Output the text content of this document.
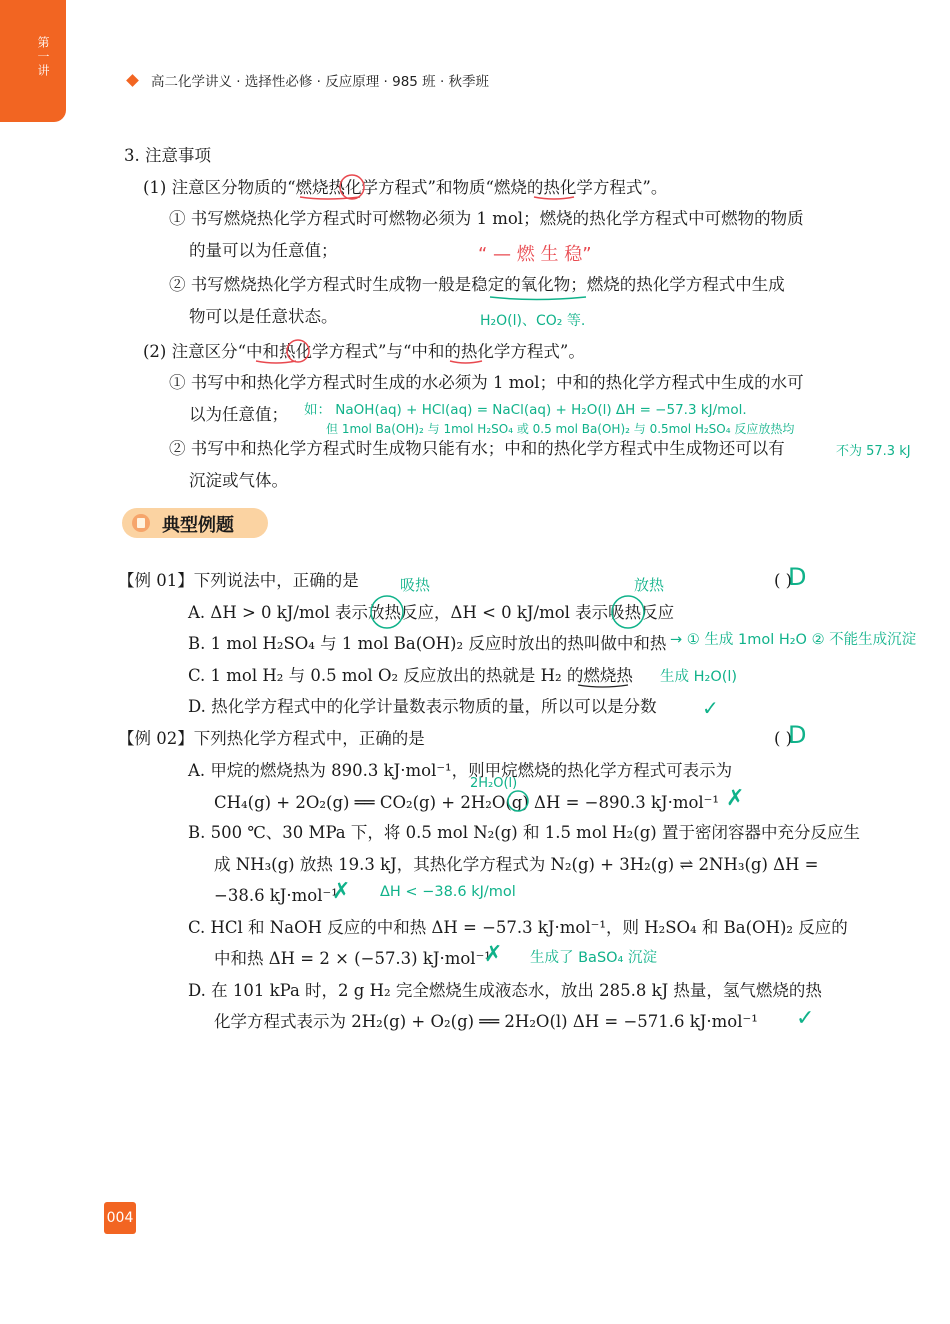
第一讲
高二化学讲义 · 选择性必修 · 反应原理 · 985 班 · 秋季班
3. 注意事项
(1) 注意区分物质的“燃烧热化学方程式”和物质“燃烧的热化学方程式”。
① 书写燃烧热化学方程式时可燃物必须为 1 mol；燃烧的热化学方程式中可燃物的物质
的量可以为任意值；
② 书写燃烧热化学方程式时生成物一般是稳定的氧化物；燃烧的热化学方程式中生成
物可以是任意状态。
(2) 注意区分“中和热化学方程式”与“中和的热化学方程式”。
① 书写中和热化学方程式时生成的水必须为 1 mol；中和的热化学方程式中生成的水可
以为任意值；
② 书写中和热化学方程式时生成物只能有水；中和的热化学方程式中生成物还可以有
沉淀或气体。
“ — 燃 生 稳”
H₂O(l)、CO₂ 等.
如： NaOH(aq) + HCl(aq) = NaCl(aq) + H₂O(l) ΔH = −57.3 kJ/mol.
但 1mol Ba(OH)₂ 与 1mol H₂SO₄ 或 0.5 mol Ba(OH)₂ 与 0.5mol H₂SO₄ 反应放热均
不为 57.3 kJ
典型例题
【例 01】下列说法中，正确的是	( )
D
吸热	放热
A. ΔH > 0 kJ/mol 表示放热反应，ΔH < 0 kJ/mol 表示吸热反应
B. 1 mol H₂SO₄ 与 1 mol Ba(OH)₂ 反应时放出的热叫做中和热 → ① 生成 1mol H₂O ② 不能生成沉淀
C. 1 mol H₂ 与 0.5 mol O₂ 反应放出的热就是 H₂ 的燃烧热 生成 H₂O(l)
D. 热化学方程式中的化学计量数表示物质的量，所以可以是分数 ✓
【例 02】下列热化学方程式中，正确的是	( )
D
A. 甲烷的燃烧热为 890.3 kJ·mol⁻¹，则甲烷燃烧的热化学方程式可表示为
2H₂O(l)
CH₄(g) + 2O₂(g) ══ CO₂(g) + 2H₂O(g) ΔH = −890.3 kJ·mol⁻¹ ✗
B. 500 ℃、30 MPa 下，将 0.5 mol N₂(g) 和 1.5 mol H₂(g) 置于密闭容器中充分反应生
成 NH₃(g) 放热 19.3 kJ，其热化学方程式为 N₂(g) + 3H₂(g) ⇌ 2NH₃(g) ΔH =
−38.6 kJ·mol⁻¹
✗ ΔH < −38.6 kJ/mol
C. HCl 和 NaOH 反应的中和热 ΔH = −57.3 kJ·mol⁻¹，则 H₂SO₄ 和 Ba(OH)₂ 反应的
中和热 ΔH = 2 × (−57.3) kJ·mol⁻¹
✗ 生成了 BaSO₄ 沉淀
D. 在 101 kPa 时，2 g H₂ 完全燃烧生成液态水，放出 285.8 kJ 热量，氢气燃烧的热
化学方程式表示为 2H₂(g) + O₂(g) ══ 2H₂O(l) ΔH = −571.6 kJ·mol⁻¹ ✓
004
